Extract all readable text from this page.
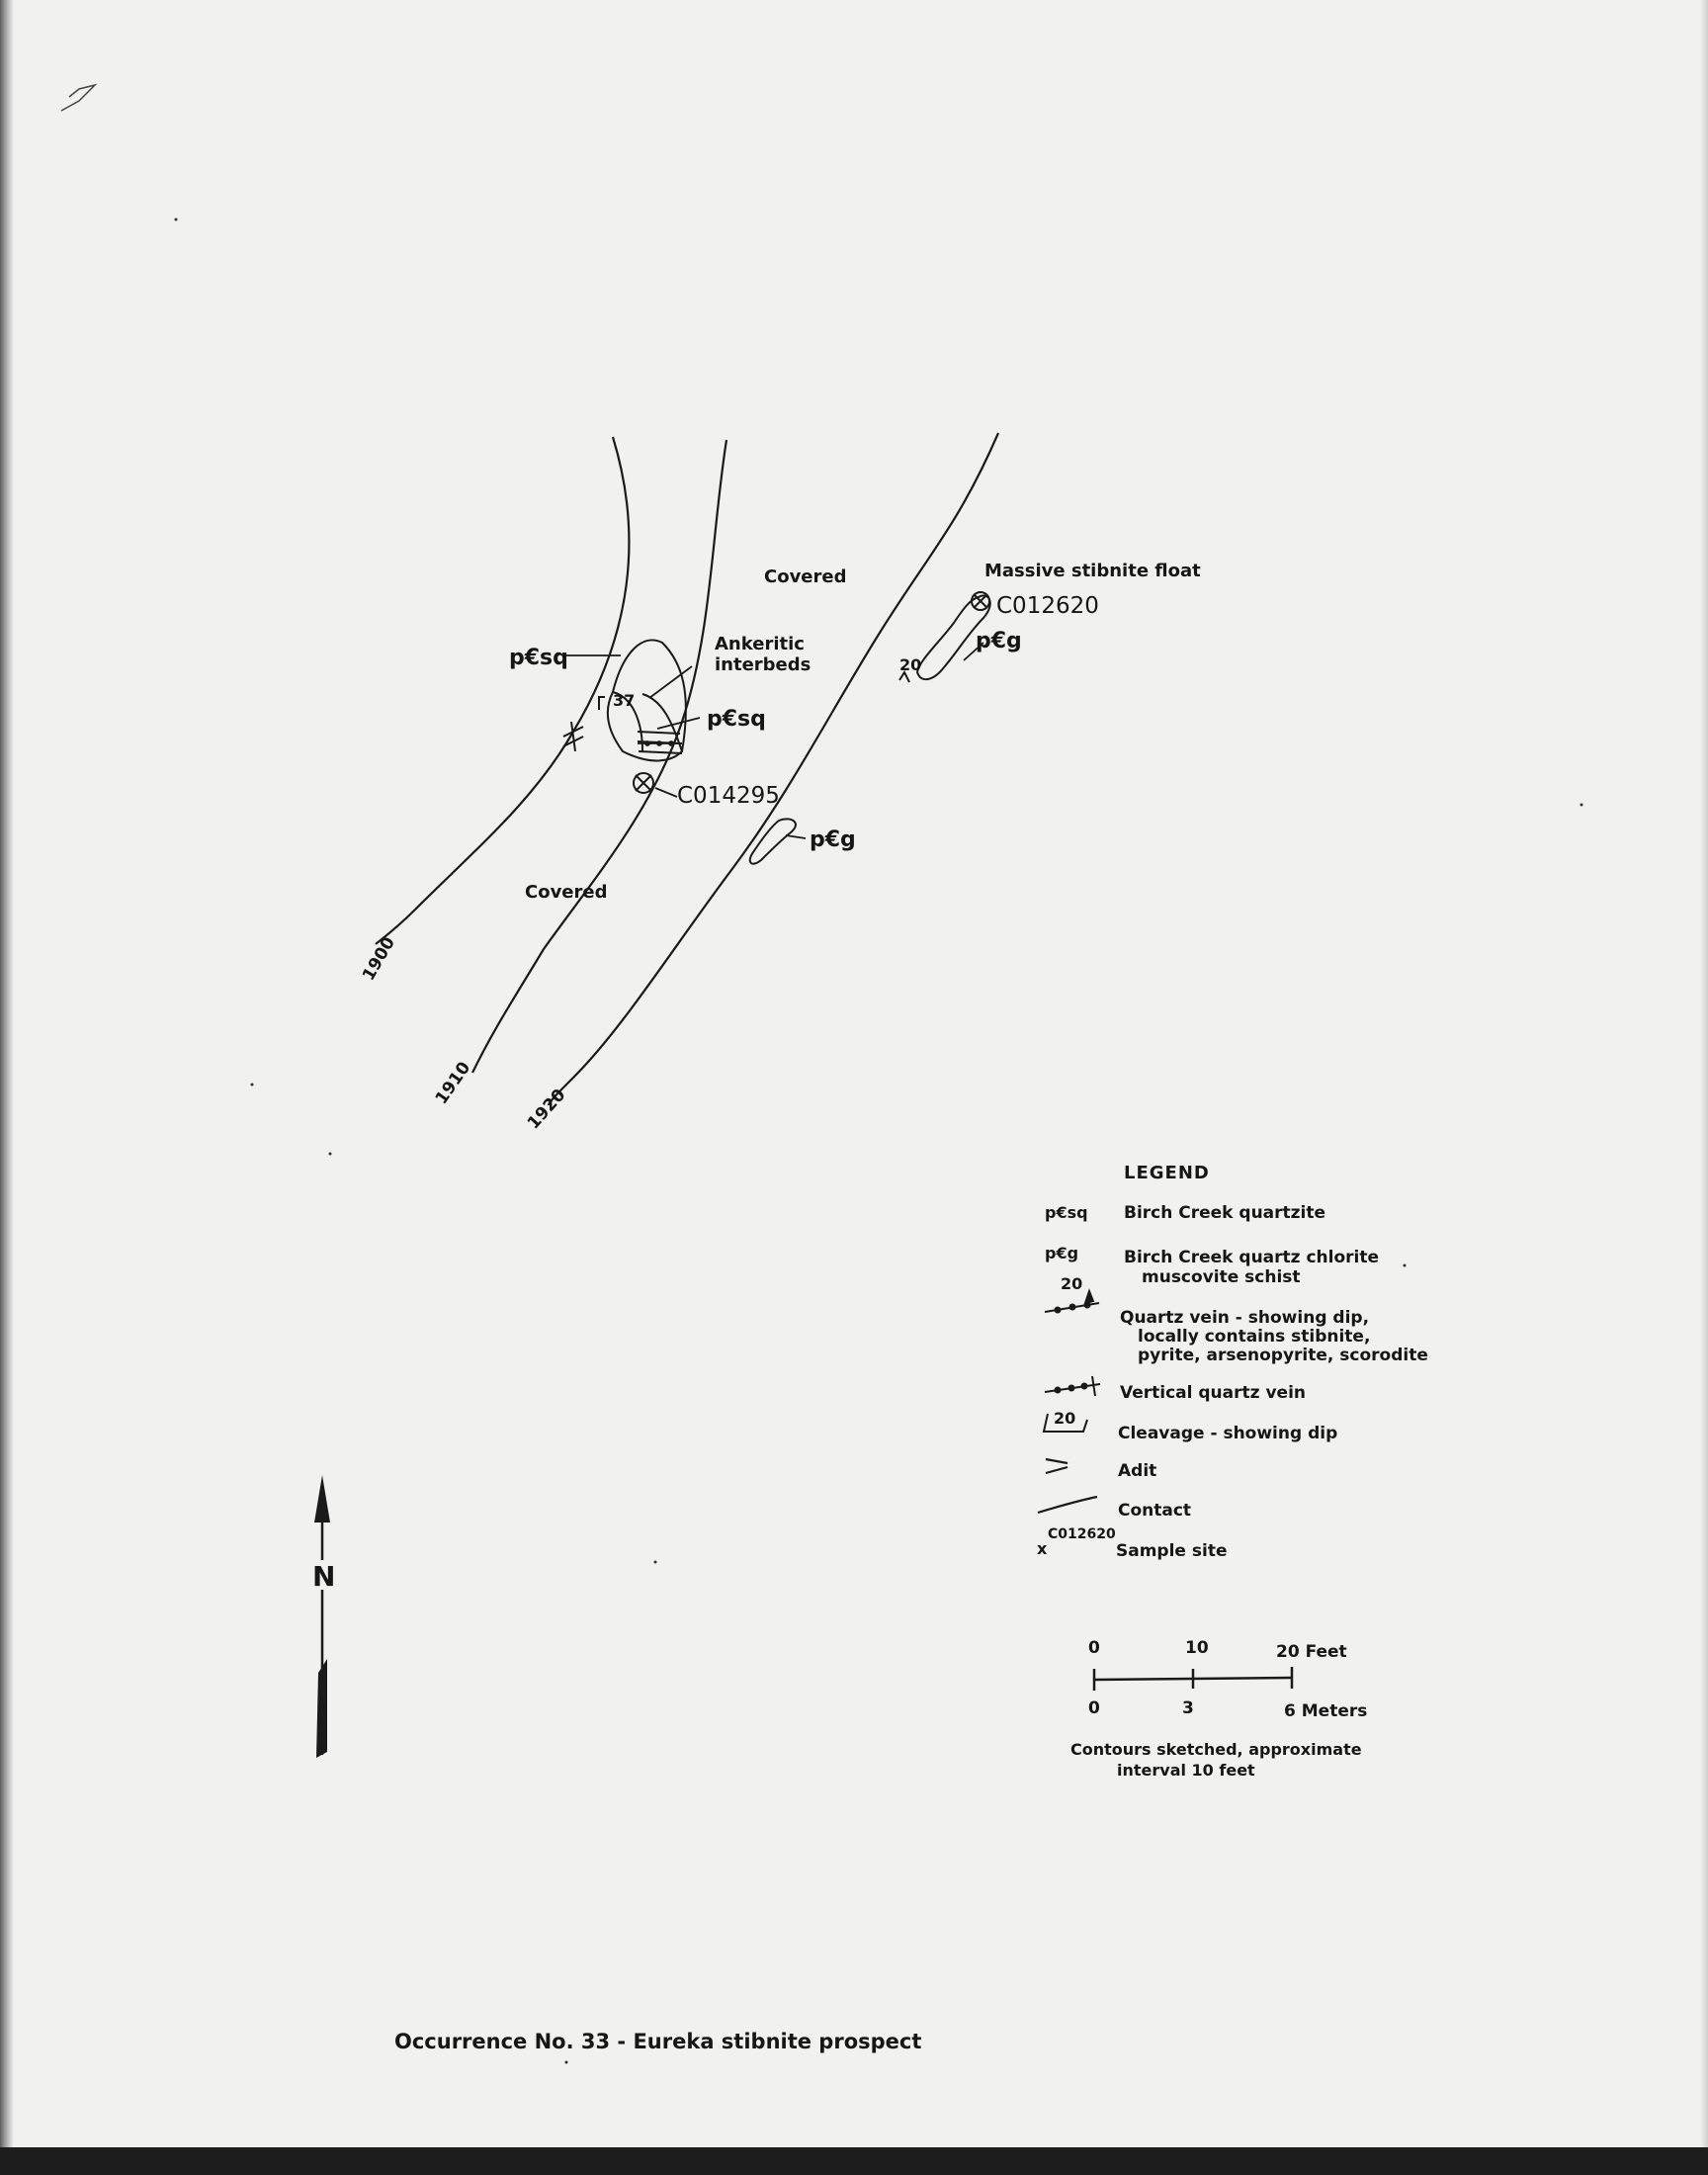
1900
1910
1920
37
C014295
20
Covered
Covered
Massive stibnite float
C012620
p€g
Ankeritic
interbeds
p€sq
p€sq
p€g
N
LEGEND
p€sq Birch Creek quartzite
p€g	Birch Creek quartz chlorite
muscovite schist
20
Quartz vein - showing dip,
locally contains stibnite,
pyrite, arsenopyrite, scorodite
Vertical quartz vein
20
Cleavage - showing dip
Adit
Contact
C012620
x	Sample site
0	10	20 Feet
0	3	6 Meters
Contours sketched, approximate
interval 10 feet
Occurrence No. 33 - Eureka stibnite prospect
